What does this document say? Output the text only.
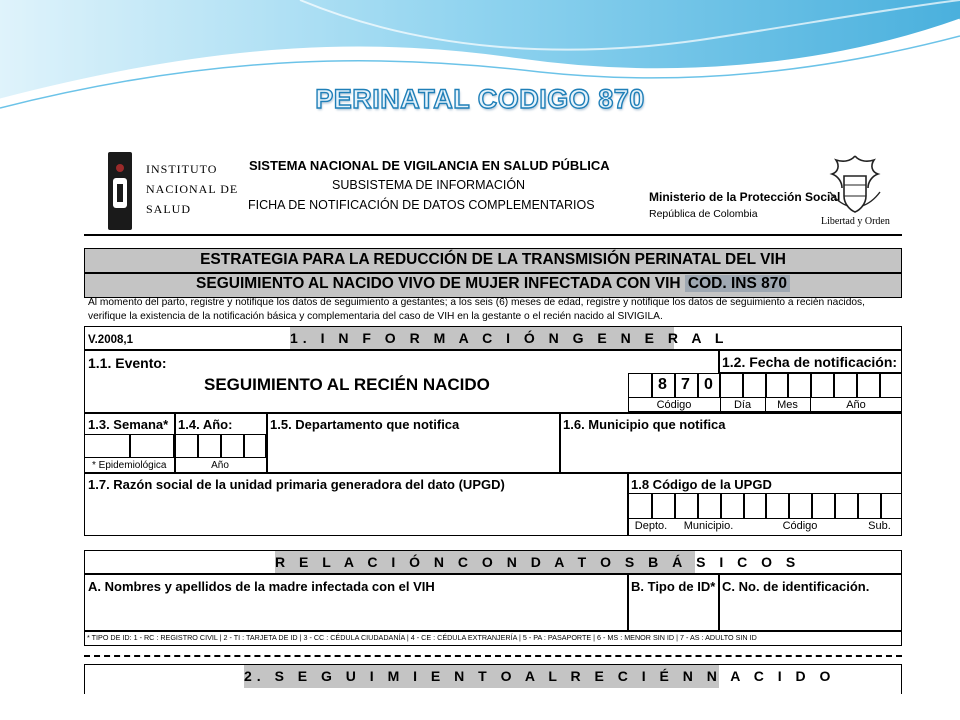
PERINATAL CODIGO 870
INSTITUTO
NACIONAL DE
SALUD
SISTEMA NACIONAL DE VIGILANCIA EN SALUD PÚBLICA
SUBSISTEMA DE INFORMACIÓN
FICHA DE NOTIFICACIÓN DE DATOS COMPLEMENTARIOS
Ministerio de la Protección Social
República de Colombia
Libertad y Orden
ESTRATEGIA PARA LA REDUCCIÓN DE LA TRANSMISIÓN PERINATAL DEL VIH
SEGUIMIENTO AL NACIDO VIVO DE MUJER INFECTADA CON VIH COD. INS 870
Al momento del parto, registre y notifique los datos de seguimiento a gestantes; a los seis (6) meses de edad, registre y notifique los datos de seguimiento a recién nacidos,
verifique la existencia de la notificación básica y complementaria del caso de VIH en la gestante o el recién nacido al SIVIGILA.
V.2008,1	1. I N F O R M A C I Ó N G E N E R A L
1.1. Evento:
SEGUIMIENTO AL RECIÉN NACIDO
1.2. Fecha de notificación:
8 7 0
Código	Día	Mes	Año
1.3. Semana* 1.4. Año:	1.5. Departamento que notifica	1.6. Municipio que notifica
* Epidemiológica	Año
1.7. Razón social de la unidad primaria generadora del dato (UPGD)	1.8 Código de la UPGD
Depto.	Municipio.	Código	Sub.
R E L A C I Ó N C O N D A T O S B Á S I C O S
A. Nombres y apellidos de la madre infectada con el VIH	B. Tipo de ID* C. No. de identificación.
* TIPO DE ID: 1 - RC : REGISTRO CIVIL | 2 - TI : TARJETA DE ID | 3 - CC : CÉDULA CIUDADANÍA | 4 - CE : CÉDULA EXTRANJERÍA | 5 - PA : PASAPORTE | 6 - MS : MENOR SIN ID | 7 - AS : ADULTO SIN ID
2. S E G U I M I E N T O A L R E C I É N N A C I D O
